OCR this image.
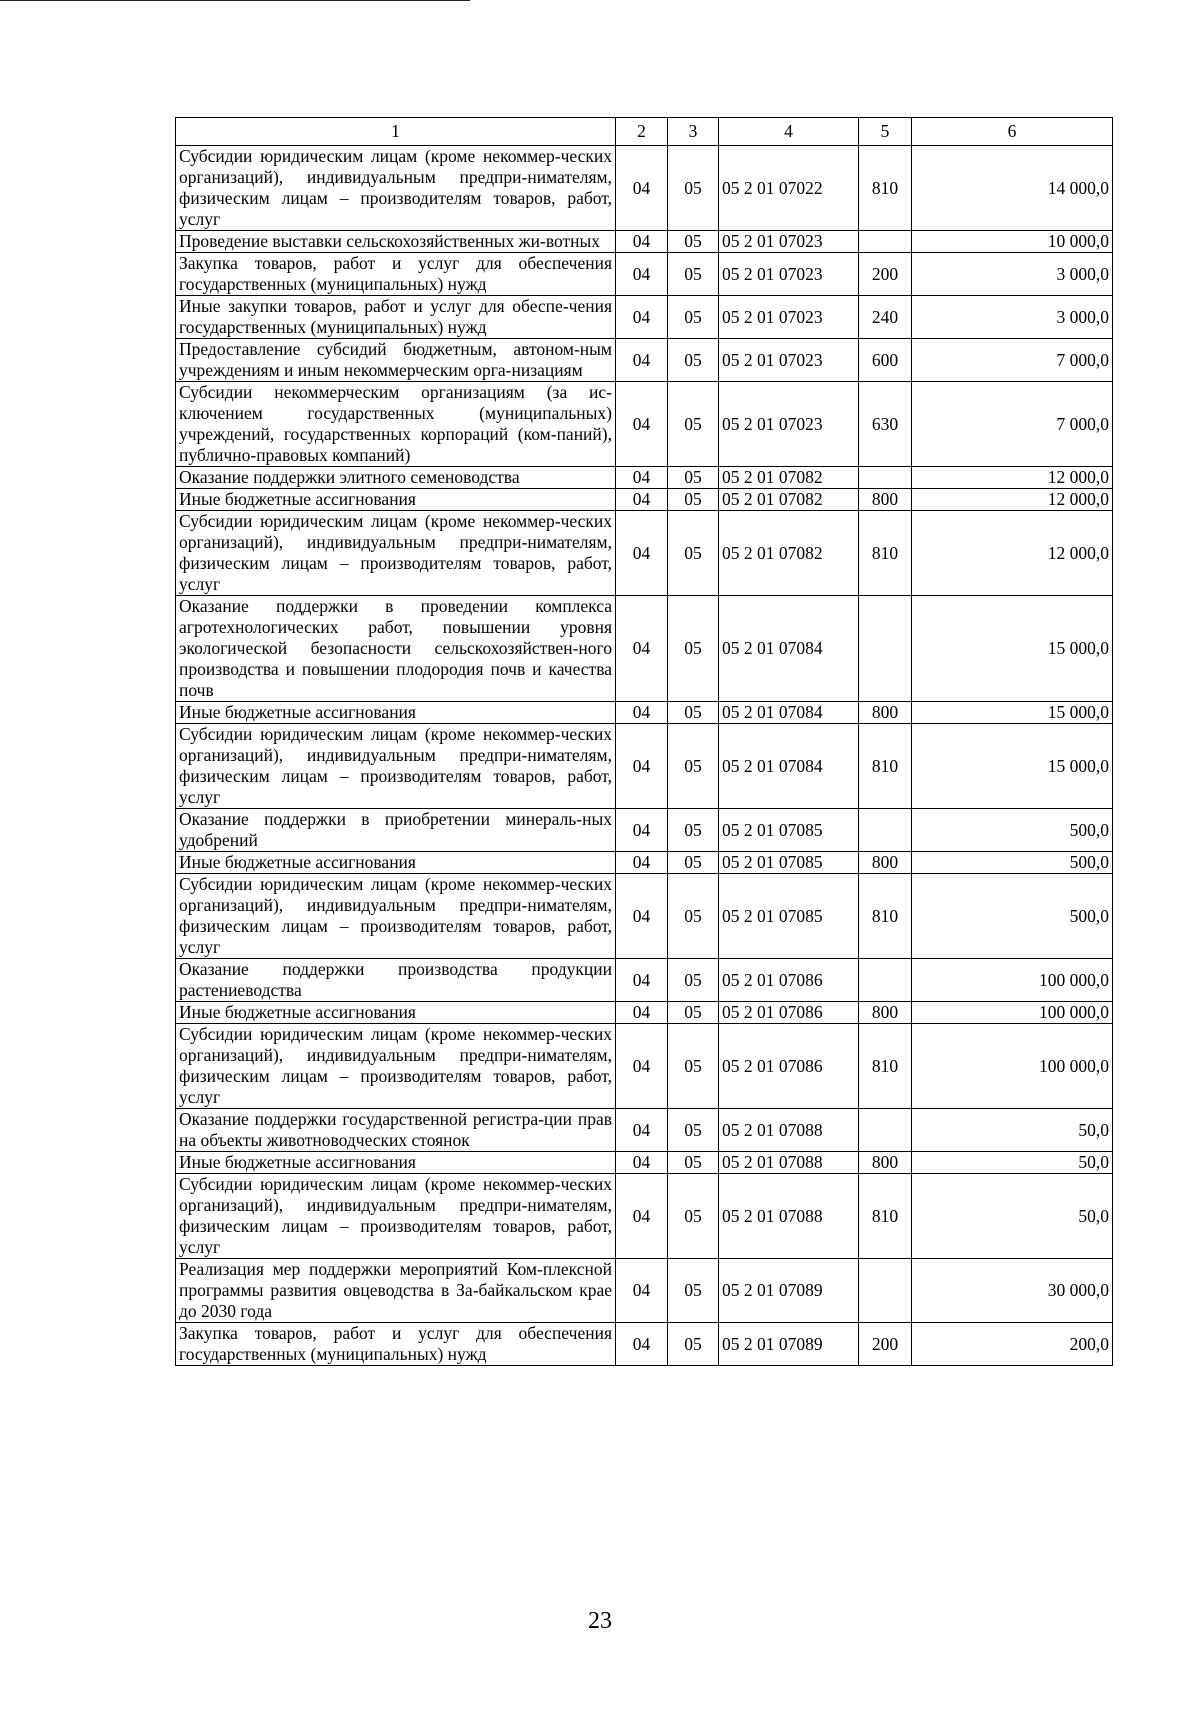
1	2	3	4	5	6
Субсидии юридическим лицам (кроме некоммер-ческих организаций), индивидуальным предпри-нимателям, физическим лицам – производителям товаров, работ, услуг	04	05	05 2 01 07022	810	14 000,0
Проведение выставки сельскохозяйственных жи-вотных	04	05	05 2 01 07023		10 000,0
Закупка товаров, работ и услуг для обеспечения государственных (муниципальных) нужд	04	05	05 2 01 07023	200	3 000,0
Иные закупки товаров, работ и услуг для обеспе-чения государственных (муниципальных) нужд	04	05	05 2 01 07023	240	3 000,0
Предоставление субсидий бюджетным, автоном-ным учреждениям и иным некоммерческим орга-низациям	04	05	05 2 01 07023	600	7 000,0
Субсидии некоммерческим организациям (за ис-ключением государственных (муниципальных) учреждений, государственных корпораций (ком-паний), публично-правовых компаний)	04	05	05 2 01 07023	630	7 000,0
Оказание поддержки элитного семеноводства	04	05	05 2 01 07082		12 000,0
Иные бюджетные ассигнования	04	05	05 2 01 07082	800	12 000,0
Субсидии юридическим лицам (кроме некоммер-ческих организаций), индивидуальным предпри-нимателям, физическим лицам – производителям товаров, работ, услуг	04	05	05 2 01 07082	810	12 000,0
Оказание поддержки в проведении комплекса агротехнологических работ, повышении уровня экологической безопасности сельскохозяйствен-ного производства и повышении плодородия почв и качества почв	04	05	05 2 01 07084		15 000,0
Иные бюджетные ассигнования	04	05	05 2 01 07084	800	15 000,0
Субсидии юридическим лицам (кроме некоммер-ческих организаций), индивидуальным предпри-нимателям, физическим лицам – производителям товаров, работ, услуг	04	05	05 2 01 07084	810	15 000,0
Оказание поддержки в приобретении минераль-ных удобрений	04	05	05 2 01 07085		500,0
Иные бюджетные ассигнования	04	05	05 2 01 07085	800	500,0
Субсидии юридическим лицам (кроме некоммер-ческих организаций), индивидуальным предпри-нимателям, физическим лицам – производителям товаров, работ, услуг	04	05	05 2 01 07085	810	500,0
Оказание поддержки производства продукции растениеводства	04	05	05 2 01 07086		100 000,0
Иные бюджетные ассигнования	04	05	05 2 01 07086	800	100 000,0
Субсидии юридическим лицам (кроме некоммер-ческих организаций), индивидуальным предпри-нимателям, физическим лицам – производителям товаров, работ, услуг	04	05	05 2 01 07086	810	100 000,0
Оказание поддержки государственной регистра-ции прав на объекты животноводческих стоянок	04	05	05 2 01 07088		50,0
Иные бюджетные ассигнования	04	05	05 2 01 07088	800	50,0
Субсидии юридическим лицам (кроме некоммер-ческих организаций), индивидуальным предпри-нимателям, физическим лицам – производителям товаров, работ, услуг	04	05	05 2 01 07088	810	50,0
Реализация мер поддержки мероприятий Ком-плексной программы развития овцеводства в За-байкальском крае до 2030 года	04	05	05 2 01 07089		30 000,0
Закупка товаров, работ и услуг для обеспечения государственных (муниципальных) нужд	04	05	05 2 01 07089	200	200,0
23
